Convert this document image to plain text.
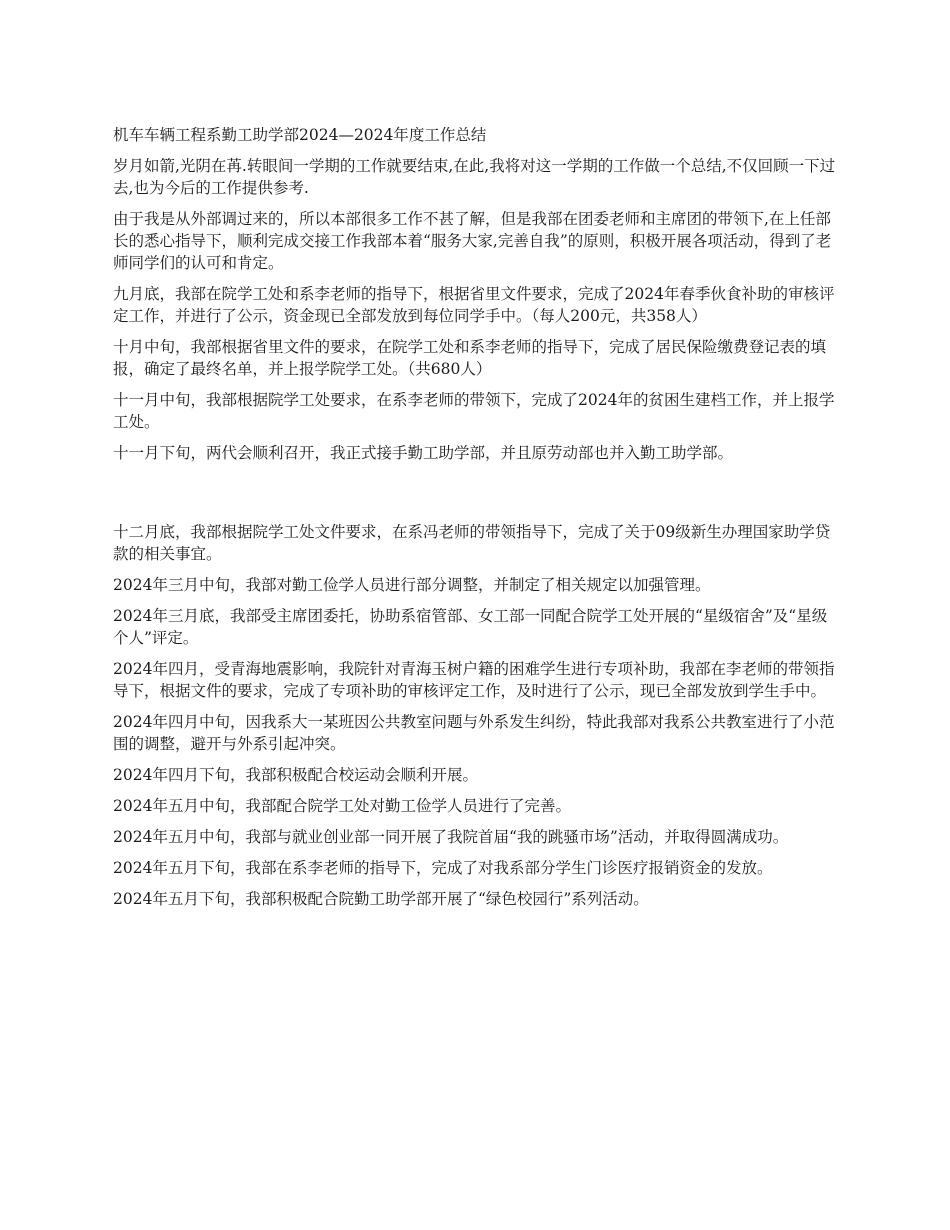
机车车辆工程系勤工助学部2024—2024年度工作总结

岁月如箭,光阴在苒.转眼间一学期的工作就要结束,在此,我将对这一学期的工作做一个总结,不仅回顾一下过去,也为今后的工作提供参考.

由于我是从外部调过来的，所以本部很多工作不甚了解，但是我部在团委老师和主席团的带领下,在上任部长的悉心指导下，顺利完成交接工作我部本着“服务大家,完善自我”的原则，积极开展各项活动，得到了老师同学们的认可和肯定。

九月底，我部在院学工处和系李老师的指导下，根据省里文件要求，完成了2024年春季伙食补助的审核评定工作，并进行了公示，资金现已全部发放到每位同学手中。（每人200元，共358人）

十月中旬，我部根据省里文件的要求，在院学工处和系李老师的指导下，完成了居民保险缴费登记表的填报，确定了最终名单，并上报学院学工处。（共680人）

十一月中旬，我部根据院学工处要求，在系李老师的带领下，完成了2024年的贫困生建档工作，并上报学工处。

十一月下旬，两代会顺利召开，我正式接手勤工助学部，并且原劳动部也并入勤工助学部。

十二月底，我部根据院学工处文件要求，在系冯老师的带领指导下，完成了关于09级新生办理国家助学贷款的相关事宜。

2024年三月中旬，我部对勤工俭学人员进行部分调整，并制定了相关规定以加强管理。

2024年三月底，我部受主席团委托，协助系宿管部、女工部一同配合院学工处开展的“星级宿舍”及“星级个人”评定。

2024年四月，受青海地震影响，我院针对青海玉树户籍的困难学生进行专项补助，我部在李老师的带领指导下，根据文件的要求，完成了专项补助的审核评定工作，及时进行了公示，现已全部发放到学生手中。

2024年四月中旬，因我系大一某班因公共教室问题与外系发生纠纷，特此我部对我系公共教室进行了小范围的调整，避开与外系引起冲突。

2024年四月下旬，我部积极配合校运动会顺利开展。

2024年五月中旬，我部配合院学工处对勤工俭学人员进行了完善。

2024年五月中旬，我部与就业创业部一同开展了我院首届“我的跳骚市场”活动，并取得圆满成功。

2024年五月下旬，我部在系李老师的指导下，完成了对我系部分学生门诊医疗报销资金的发放。

2024年五月下旬，我部积极配合院勤工助学部开展了“绿色校园行”系列活动。
